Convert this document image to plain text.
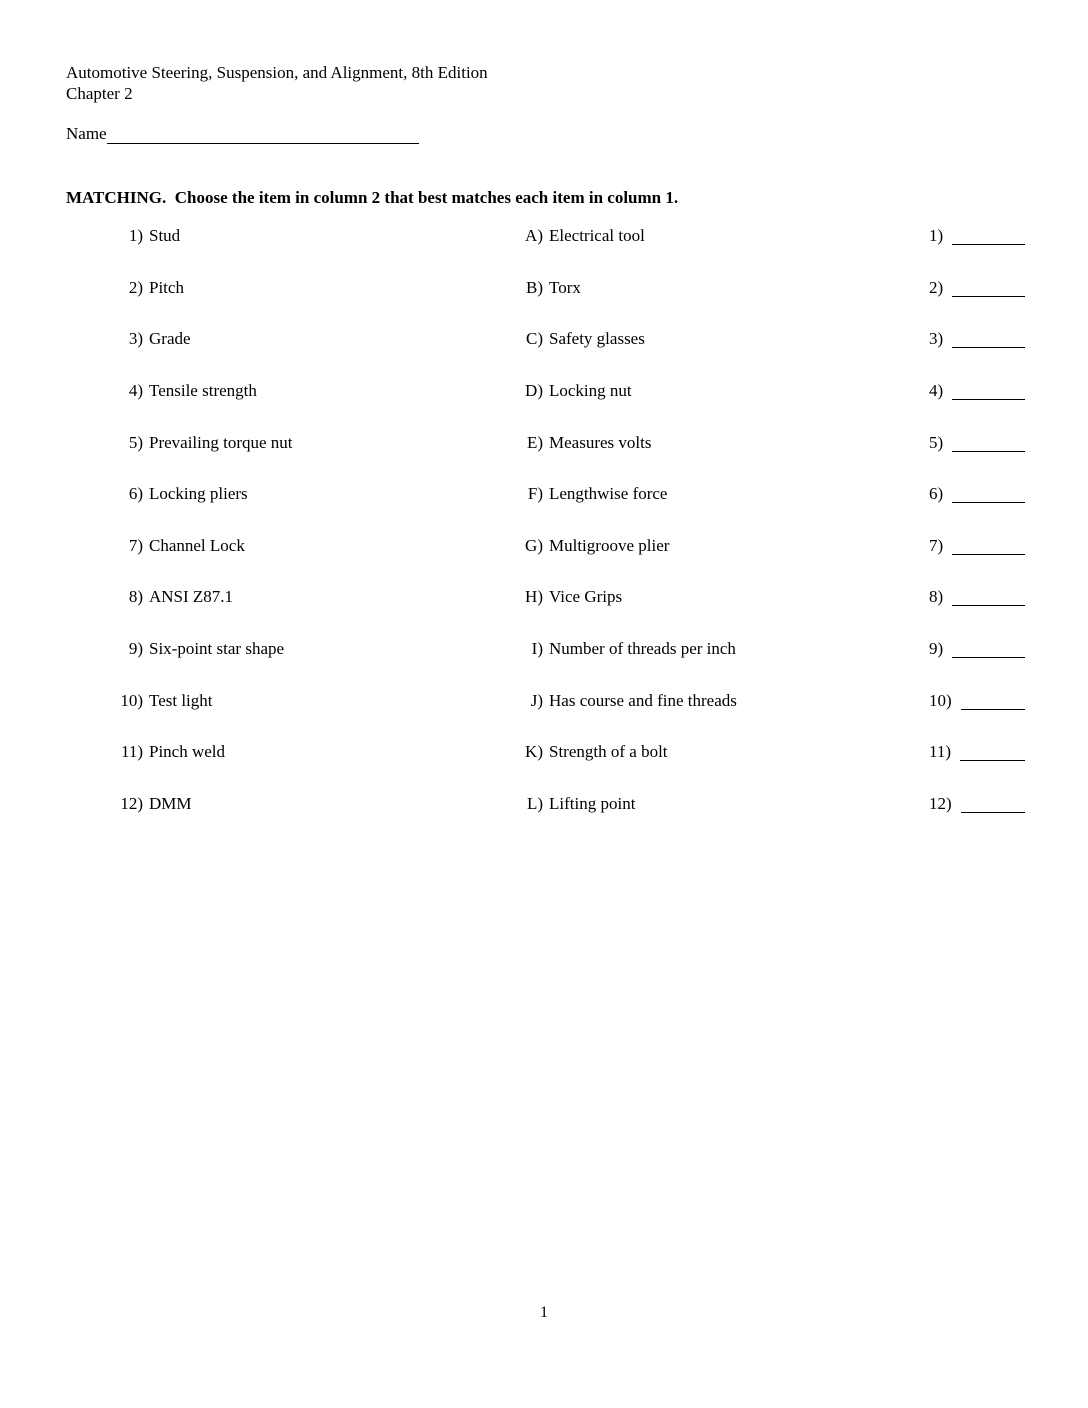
Automotive Steering, Suspension, and Alignment, 8th Edition
Chapter 2
Name
MATCHING.  Choose the item in column 2 that best matches each item in column 1.
1) Stud	A) Electrical tool	1)
2) Pitch	B) Torx	2)
3) Grade	C) Safety glasses	3)
4) Tensile strength	D) Locking nut	4)
5) Prevailing torque nut	E) Measures volts	5)
6) Locking pliers	F) Lengthwise force	6)
7) Channel Lock	G) Multigroove plier	7)
8) ANSI Z87.1	H) Vice Grips	8)
9) Six-point star shape	I) Number of threads per inch	9)
10) Test light	J) Has course and fine threads	10)
11) Pinch weld	K) Strength of a bolt	11)
12) DMM	L) Lifting point	12)
1
